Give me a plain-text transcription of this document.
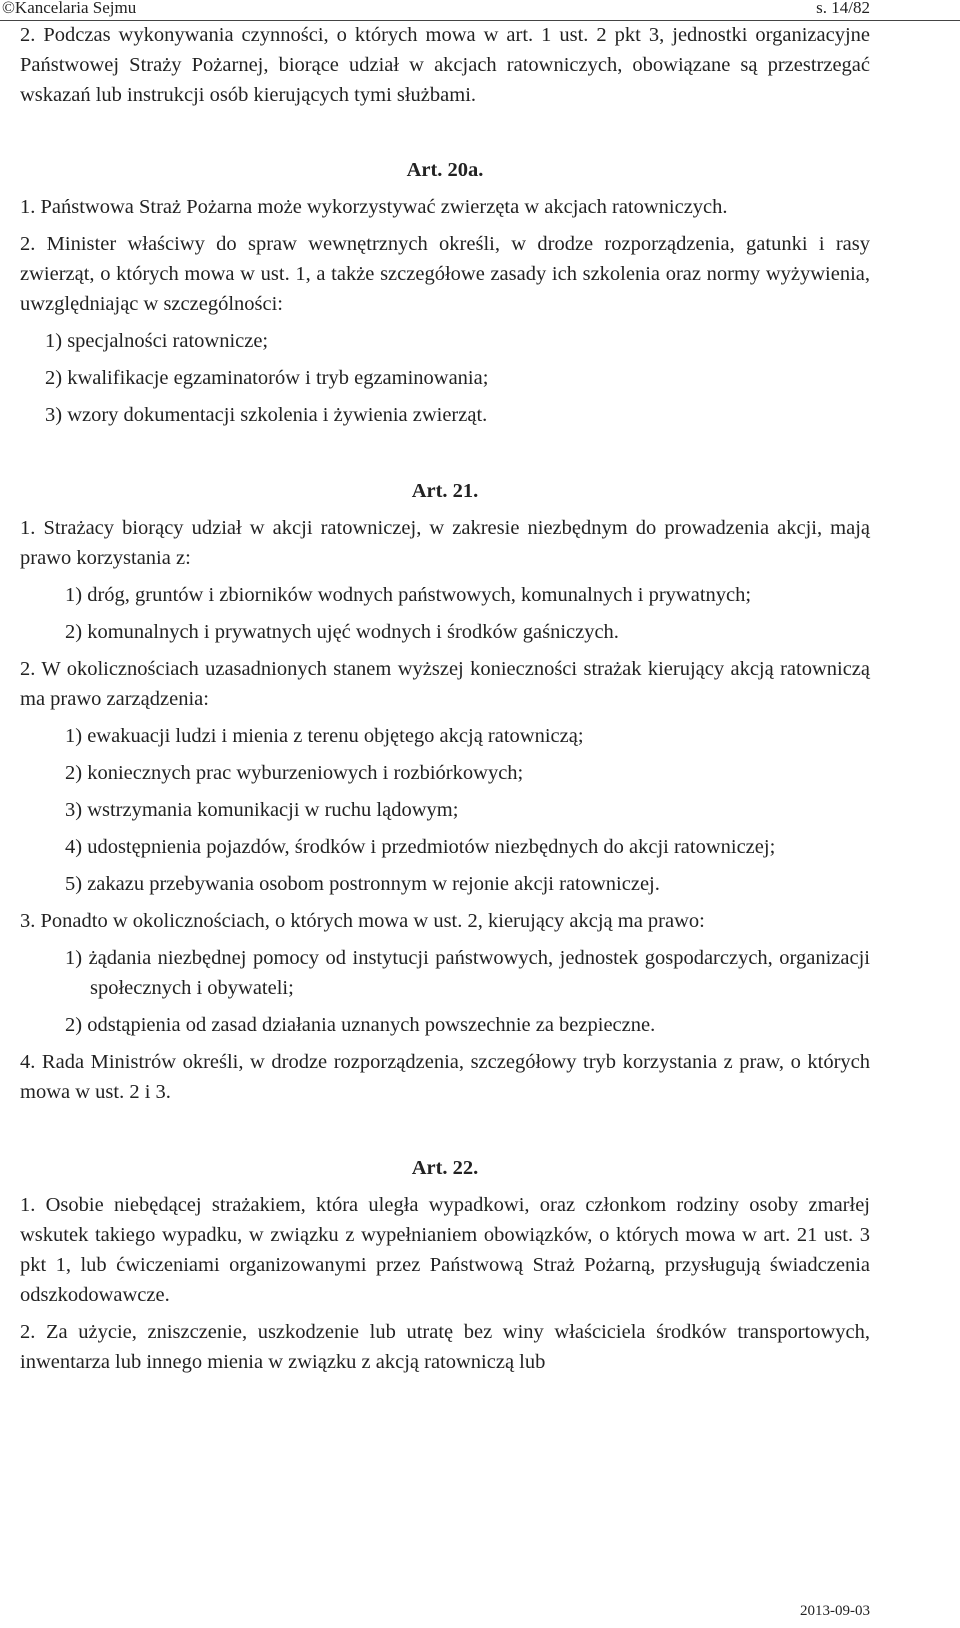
©Kancelaria Sejmu	s. 14/82

2. Podczas wykonywania czynności, o których mowa w art. 1 ust. 2 pkt 3, jednostki organizacyjne Państwowej Straży Pożarnej, biorące udział w akcjach ratowniczych, obowiązane są przestrzegać wskazań lub instrukcji osób kierujących tymi służbami.

Art. 20a.

1. Państwowa Straż Pożarna może wykorzystywać zwierzęta w akcjach ratowniczych.

2. Minister właściwy do spraw wewnętrznych określi, w drodze rozporządzenia, gatunki i rasy zwierząt, o których mowa w ust. 1, a także szczegółowe zasady ich szkolenia oraz normy wyżywienia, uwzględniając w szczególności:

1) specjalności ratownicze;

2) kwalifikacje egzaminatorów i tryb egzaminowania;

3) wzory dokumentacji szkolenia i żywienia zwierząt.

Art. 21.

1. Strażacy biorący udział w akcji ratowniczej, w zakresie niezbędnym do prowadzenia akcji, mają prawo korzystania z:

1) dróg, gruntów i zbiorników wodnych państwowych, komunalnych i prywatnych;

2) komunalnych i prywatnych ujęć wodnych i środków gaśniczych.

2. W okolicznościach uzasadnionych stanem wyższej konieczności strażak kierujący akcją ratowniczą ma prawo zarządzenia:

1) ewakuacji ludzi i mienia z terenu objętego akcją ratowniczą;

2) koniecznych prac wyburzeniowych i rozbiórkowych;

3) wstrzymania komunikacji w ruchu lądowym;

4) udostępnienia pojazdów, środków i przedmiotów niezbędnych do akcji ratowniczej;

5) zakazu przebywania osobom postronnym w rejonie akcji ratowniczej.

3. Ponadto w okolicznościach, o których mowa w ust. 2, kierujący akcją ma prawo:

1) żądania niezbędnej pomocy od instytucji państwowych, jednostek gospodarczych, organizacji społecznych i obywateli;

2) odstąpienia od zasad działania uznanych powszechnie za bezpieczne.

4. Rada Ministrów określi, w drodze rozporządzenia, szczegółowy tryb korzystania z praw, o których mowa w ust. 2 i 3.

Art. 22.

1. Osobie niebędącej strażakiem, która uległa wypadkowi, oraz członkom rodziny osoby zmarłej wskutek takiego wypadku, w związku z wypełnianiem obowiązków, o których mowa w art. 21 ust. 3 pkt 1, lub ćwiczeniami organizowanymi przez Państwową Straż Pożarną, przysługują świadczenia odszkodowawcze.

2. Za użycie, zniszczenie, uszkodzenie lub utratę bez winy właściciela środków transportowych, inwentarza lub innego mienia w związku z akcją ratowniczą lub

2013-09-03
